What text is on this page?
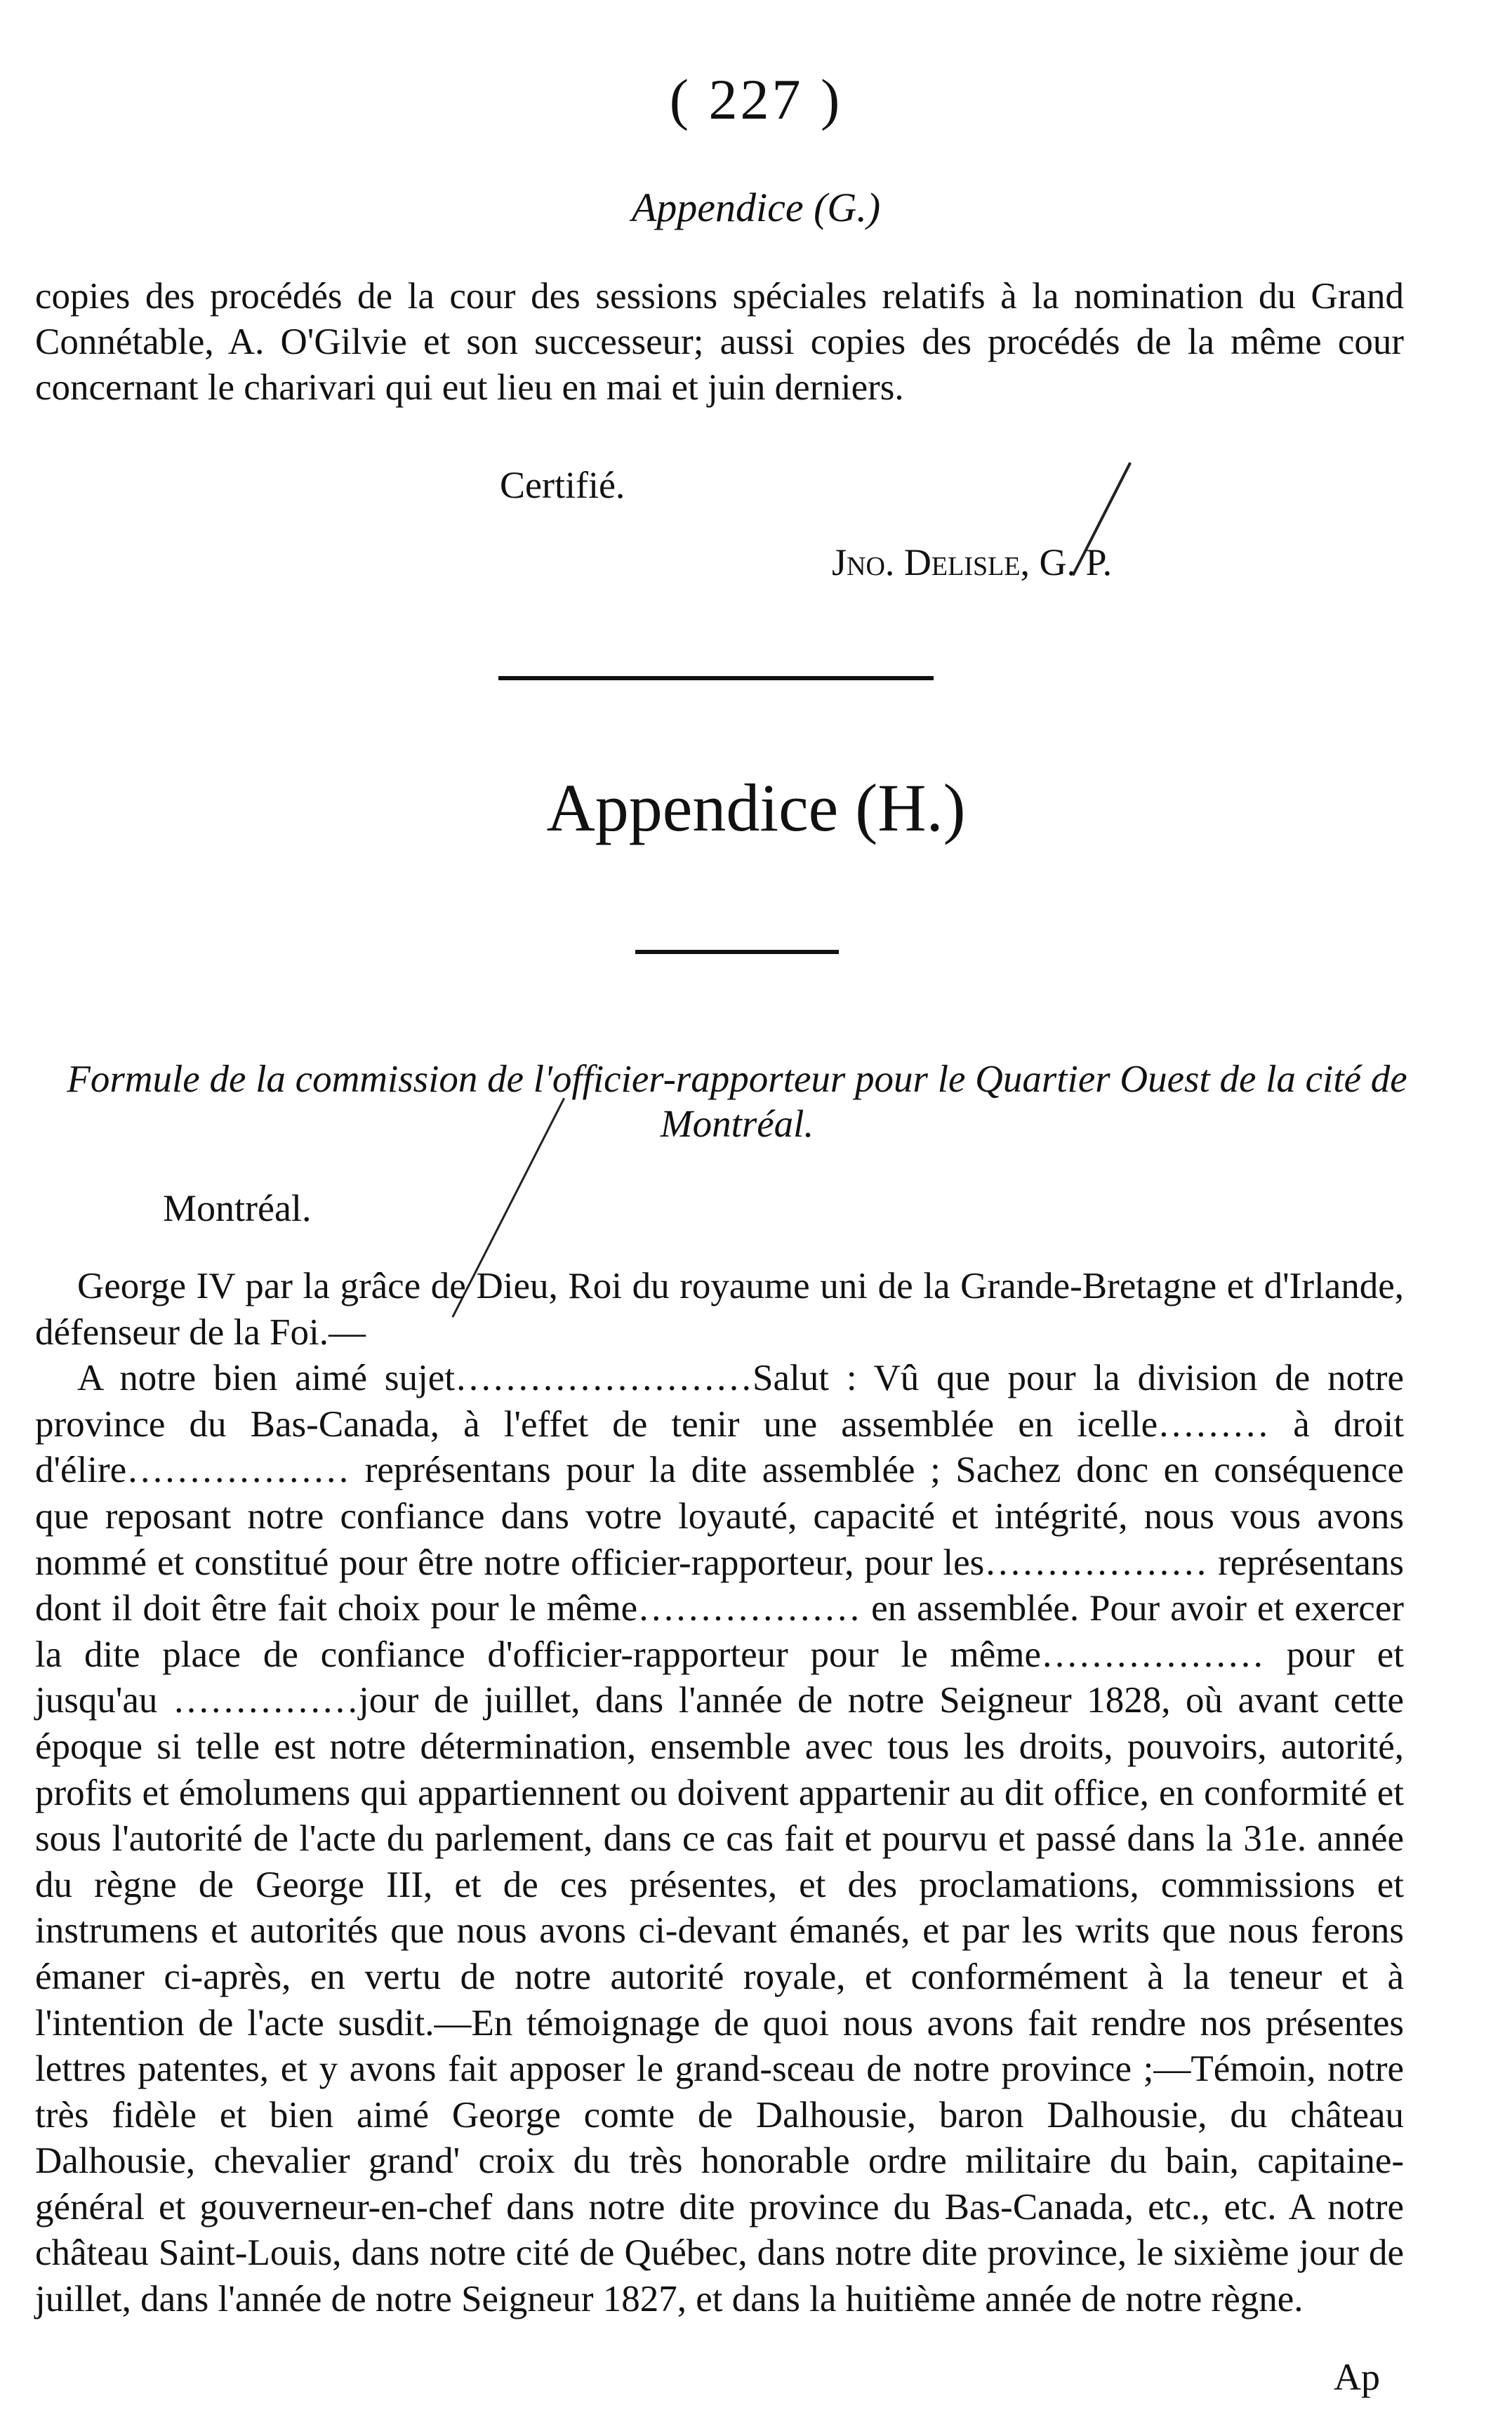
( 227 )
Appendice (G.)
copies des procédés de la cour des sessions spéciales relatifs à la nomination du Grand Connétable, A. O'Gilvie et son successeur; aussi copies des procédés de la même cour concernant le charivari qui eut lieu en mai et juin derniers.
Certifié.
Jno. Delisle, G. P.
Appendice (H.)
Formule de la commission de l'officier-rapporteur pour le Quartier Ouest de la cité de Montréal.
Montréal.

George IV par la grâce de Dieu, Roi du royaume uni de la Grande-Bretagne et d'Irlande, défenseur de la Foi.—

A notre bien aimé sujet……………………Salut : Vû que pour la division de notre province du Bas-Canada, à l'effet de tenir une assemblée en icelle……… à droit d'élire……………… représentans pour la dite assemblée ; Sachez donc en conséquence que reposant notre confiance dans votre loyauté, capacité et intégrité, nous vous avons nommé et constitué pour être notre officier-rapporteur, pour les……………… représentans dont il doit être fait choix pour le même……………… en assemblée. Pour avoir et exercer la dite place de confiance d'officier-rapporteur pour le même……………… pour et jusqu'au ……………jour de juillet, dans l'année de notre Seigneur 1828, où avant cette époque si telle est notre détermination, ensemble avec tous les droits, pouvoirs, autorité, profits et émolumens qui appartiennent ou doivent appartenir au dit office, en conformité et sous l'autorité de l'acte du parlement, dans ce cas fait et pourvu et passé dans la 31e. année du règne de George III, et de ces présentes, et des proclamations, commissions et instrumens et autorités que nous avons ci-devant émanés, et par les writs que nous ferons émaner ci-après, en vertu de notre autorité royale, et conformément à la teneur et à l'intention de l'acte susdit.—En témoignage de quoi nous avons fait rendre nos présentes lettres patentes, et y avons fait apposer le grand-sceau de notre province ;—Témoin, notre très fidèle et bien aimé George comte de Dalhousie, baron Dalhousie, du château Dalhousie, chevalier grand' croix du très honorable ordre militaire du bain, capitaine-général et gouverneur-en-chef dans notre dite province du Bas-Canada, etc., etc. A notre château Saint-Louis, dans notre cité de Québec, dans notre dite province, le sixième jour de juillet, dans l'année de notre Seigneur 1827, et dans la huitième année de notre règne.

Ap
